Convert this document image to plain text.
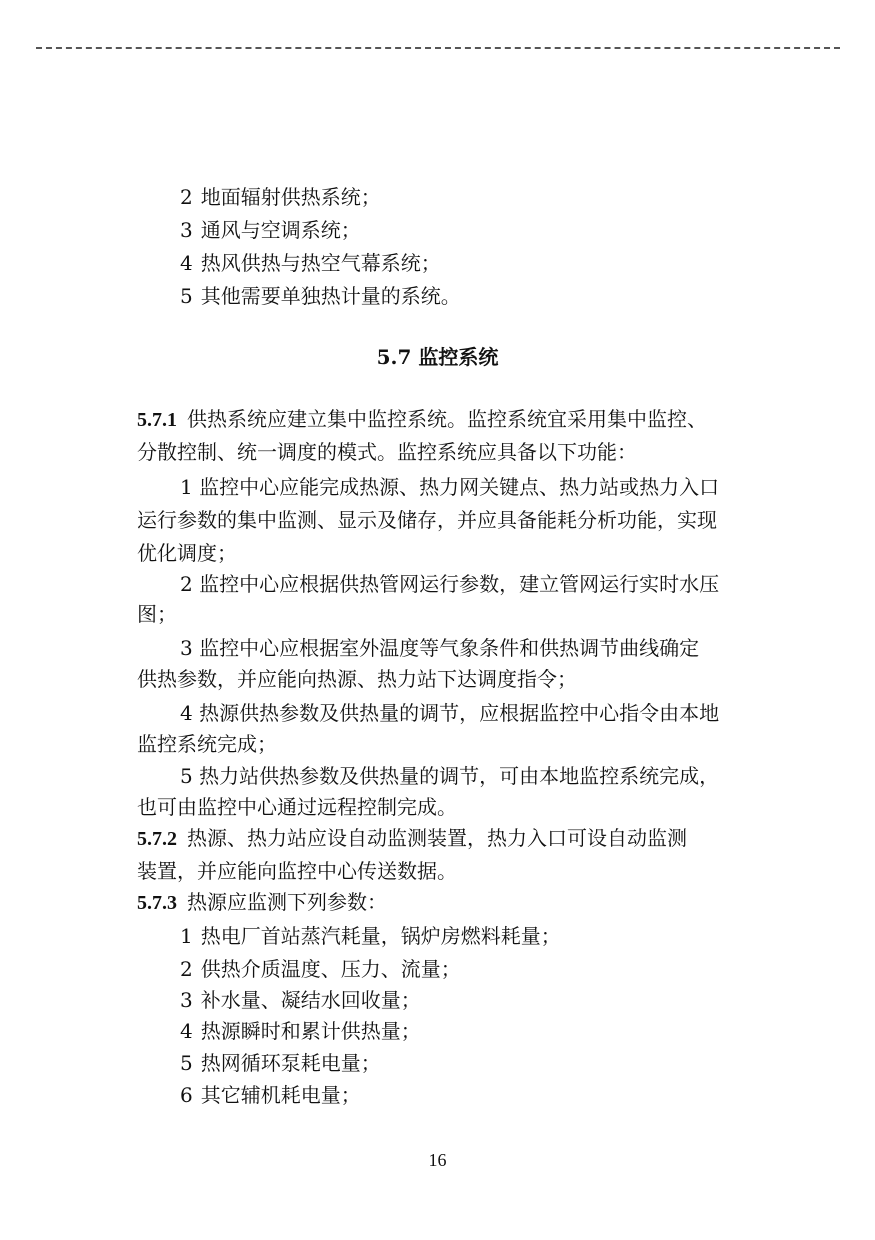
2 地面辐射供热系统；
3 通风与空调系统；
4 热风供热与热空气幕系统；
5 其他需要单独热计量的系统。
5.7 监控系统
5.7.1 供热系统应建立集中监控系统。监控系统宜采用集中监控、
分散控制、统一调度的模式。监控系统应具备以下功能：
1 监控中心应能完成热源、热力网关键点、热力站或热力入口
运行参数的集中监测、显示及储存，并应具备能耗分析功能，实现
优化调度；
2 监控中心应根据供热管网运行参数，建立管网运行实时水压
图；
3 监控中心应根据室外温度等气象条件和供热调节曲线确定
供热参数，并应能向热源、热力站下达调度指令；
4 热源供热参数及供热量的调节，应根据监控中心指令由本地
监控系统完成；
5 热力站供热参数及供热量的调节，可由本地监控系统完成，
也可由监控中心通过远程控制完成。
5.7.2 热源、热力站应设自动监测装置，热力入口可设自动监测
装置，并应能向监控中心传送数据。
5.7.3 热源应监测下列参数：
1 热电厂首站蒸汽耗量，锅炉房燃料耗量；
2 供热介质温度、压力、流量；
3 补水量、凝结水回收量；
4 热源瞬时和累计供热量；
5 热网循环泵耗电量；
6 其它辅机耗电量；
16
